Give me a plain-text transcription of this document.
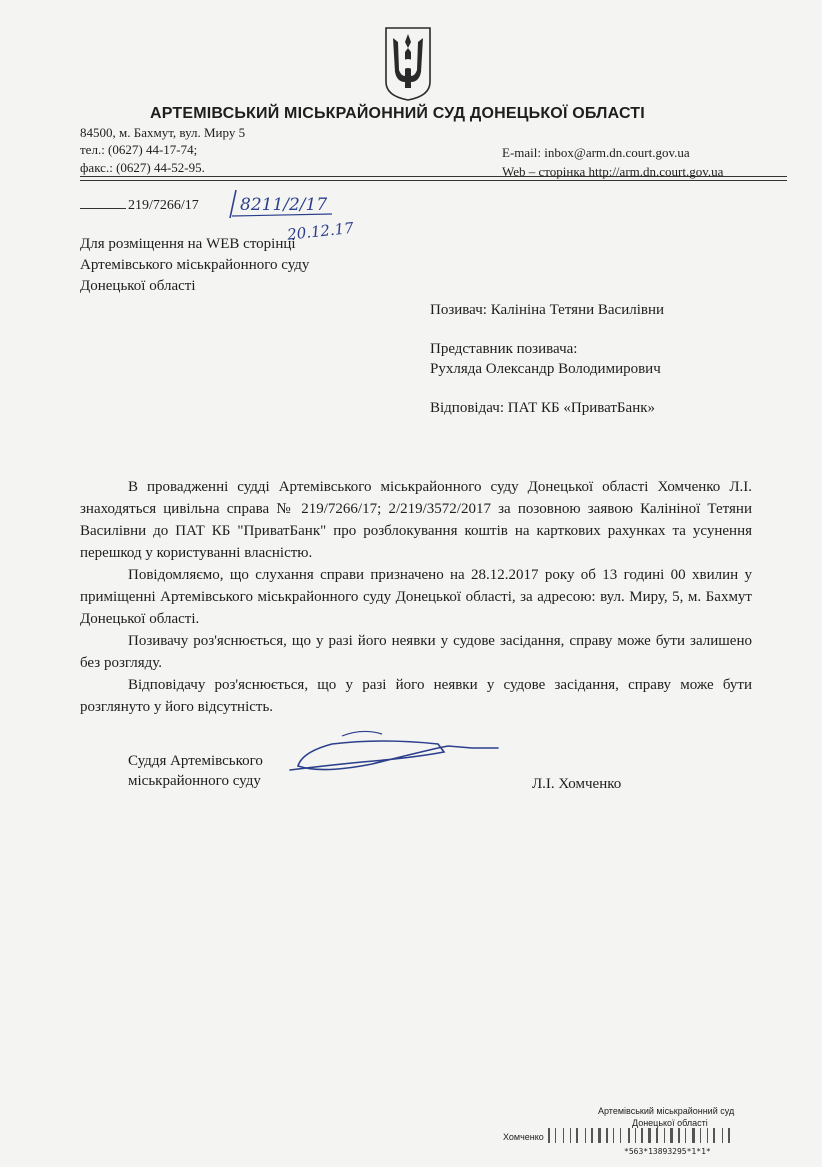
АРТЕМІВСЬКИЙ МІСЬКРАЙОННИЙ СУД ДОНЕЦЬКОЇ ОБЛАСТІ
84500, м. Бахмут, вул. Миру 5
тел.: (0627) 44-17-74;
факс.: (0627) 44-52-95.
E-mail: inbox@arm.dn.court.gov.ua
Web – сторінка http://arm.dn.court.gov.ua
219/7266/17 8211/2/17
20.12.17
Для розміщення на WEB сторінці
Артемівського міськрайонного суду
Донецької області
Позивач: Калініна Тетяни Василівни
Представник позивача:
Рухляда Олександр Володимирович
Відповідач: ПАТ КБ «ПриватБанк»

В провадженні судді Артемівського міськрайонного суду Донецької області Хомченко Л.І. знаходяться цивільна справа № 219/7266/17; 2/219/3572/2017 за позовною заявою Калініної Тетяни Василівни до ПАТ КБ "ПриватБанк" про розблокування коштів на карткових рахунках та усунення перешкод у користуванні власністю.

Повідомляємо, що слухання справи призначено на 28.12.2017 року об 13 годині 00 хвилин у приміщенні Артемівського міськрайонного суду Донецької області, за адресою: вул. Миру, 5, м. Бахмут Донецької області.

Позивачу роз'яснюється, що у разі його неявки у судове засідання, справу може бути залишено без розгляду.

Відповідачу роз'яснюється, що у разі його неявки у судове засідання, справу може бути розглянуто у його відсутність.

Суддя Артемівського
міськрайонного суду	Л.І. Хомченко
Артемівський міськрайонний суд
Донецької області
Хомченко
*563*13893295*1*1*
